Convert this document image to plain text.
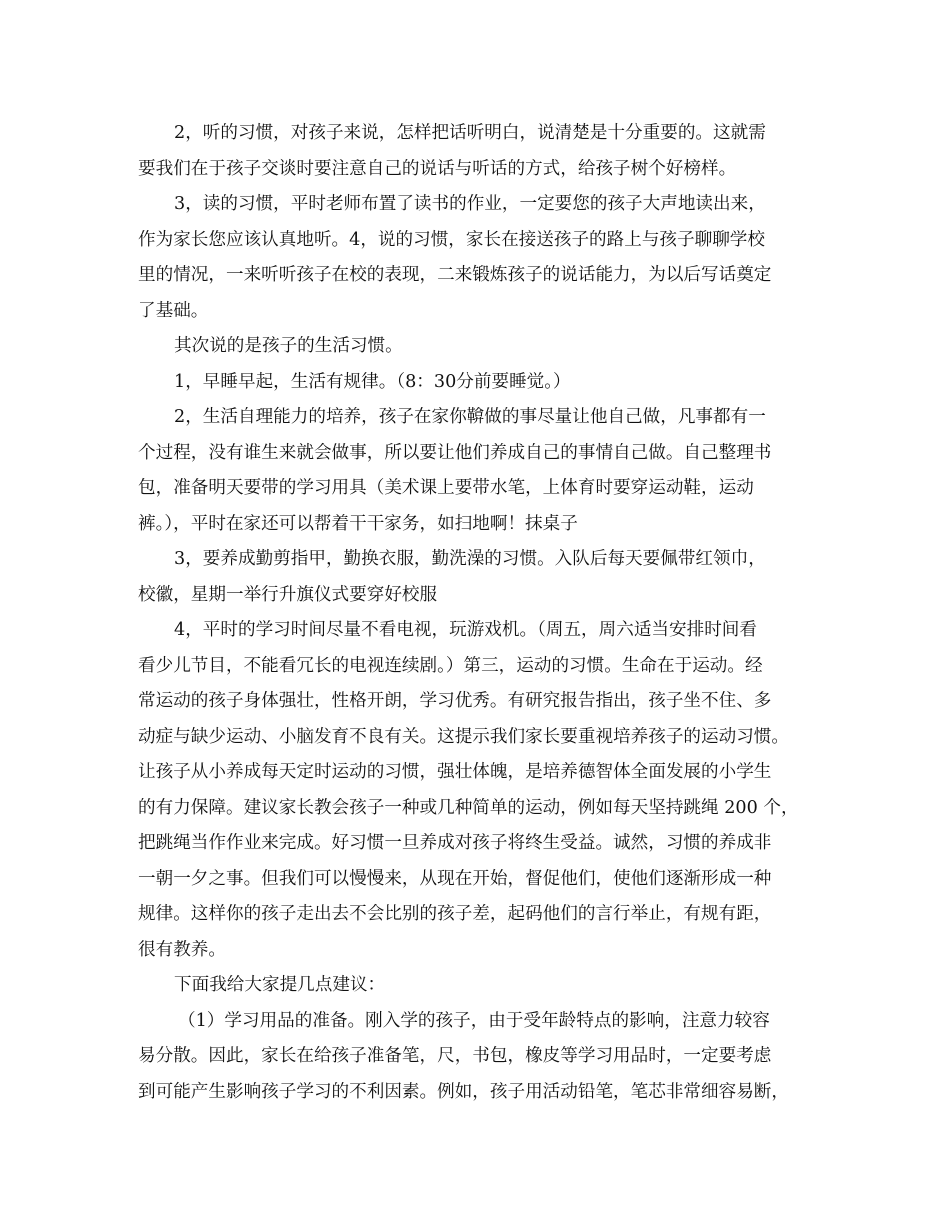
2，听的习惯，对孩子来说，怎样把话听明白，说清楚是十分重要的。这就需
要我们在于孩子交谈时要注意自己的说话与听话的方式，给孩子树个好榜样。
3，读的习惯，平时老师布置了读书的作业，一定要您的孩子大声地读出来，
作为家长您应该认真地听。4，说的习惯，家长在接送孩子的路上与孩子聊聊学校
里的情况，一来听听孩子在校的表现，二来锻炼孩子的说话能力，为以后写话奠定
了基础。
其次说的是孩子的生活习惯。
1，早睡早起，生活有规律。（8：30分前要睡觉。）
2，生活自理能力的培养，孩子在家你鞥做的事尽量让他自己做，凡事都有一
个过程，没有谁生来就会做事，所以要让他们养成自己的事情自己做。自己整理书
包，准备明天要带的学习用具（美术课上要带水笔，上体育时要穿运动鞋，运动
裤。），平时在家还可以帮着干干家务，如扫地啊！抹桌子
3，要养成勤剪指甲，勤换衣服，勤洗澡的习惯。入队后每天要佩带红领巾，
校徽，星期一举行升旗仪式要穿好校服
4，平时的学习时间尽量不看电视，玩游戏机。（周五，周六适当安排时间看
看少儿节目，不能看冗长的电视连续剧。）第三，运动的习惯。生命在于运动。经
常运动的孩子身体强壮，性格开朗，学习优秀。有研究报告指出，孩子坐不住、多
动症与缺少运动、小脑发育不良有关。这提示我们家长要重视培养孩子的运动习惯。
让孩子从小养成每天定时运动的习惯，强壮体魄，是培养德智体全面发展的小学生
的有力保障。建议家长教会孩子一种或几种简单的运动，例如每天坚持跳绳 200 个，
把跳绳当作作业来完成。好习惯一旦养成对孩子将终生受益。诚然，习惯的养成非
一朝一夕之事。但我们可以慢慢来，从现在开始，督促他们，使他们逐渐形成一种
规律。这样你的孩子走出去不会比别的孩子差，起码他们的言行举止，有规有距，
很有教养。
下面我给大家提几点建议：
（1）学习用品的准备。刚入学的孩子，由于受年龄特点的影响，注意力较容
易分散。因此，家长在给孩子准备笔，尺，书包，橡皮等学习用品时，一定要考虑
到可能产生影响孩子学习的不利因素。例如，孩子用活动铅笔，笔芯非常细容易断，
